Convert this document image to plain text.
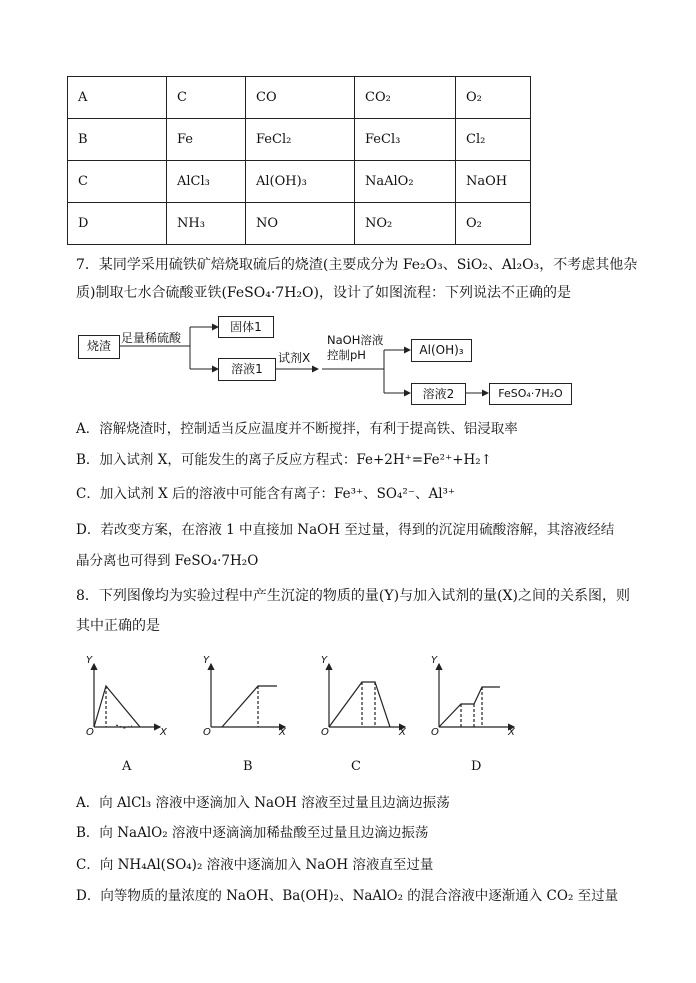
A	C	CO	CO₂	O₂
B	Fe	FeCl₂	FeCl₃	Cl₂
C	AlCl₃	Al(OH)₃	NaAlO₂	NaOH
D	NH₃	NO	NO₂	O₂
7．某同学采用硫铁矿焙烧取硫后的烧渣(主要成分为 Fe₂O₃、SiO₂、Al₂O₃，不考虑其他杂
质)制取七水合硫酸亚铁(FeSO₄·7H₂O)，设计了如图流程：下列说法不正确的是
烧渣
足量稀硫酸
固体1
溶液1
试剂X
NaOH溶液
控制pH	Al(OH)₃
溶液2	FeSO₄·7H₂O
A．溶解烧渣时，控制适当反应温度并不断搅拌，有利于提高铁、铝浸取率
B．加入试剂 X，可能发生的离子反应方程式：Fe+2H⁺=Fe²⁺+H₂↑
C．加入试剂 X 后的溶液中可能含有离子：Fe³⁺、SO₄²⁻、Al³⁺
D．若改变方案，在溶液 1 中直接加 NaOH 至过量，得到的沉淀用硫酸溶解，其溶液经结
晶分离也可得到 FeSO₄·7H₂O
8．下列图像均为实验过程中产生沉淀的物质的量(Y)与加入试剂的量(X)之间的关系图，则
其中正确的是
Y
X
O
Y
X
O
Y
X
O
Y
X
O
A	B	C	D
A．向 AlCl₃ 溶液中逐滴加入 NaOH 溶液至过量且边滴边振荡
B．向 NaAlO₂ 溶液中逐滴滴加稀盐酸至过量且边滴边振荡
C．向 NH₄Al(SO₄)₂ 溶液中逐滴加入 NaOH 溶液直至过量
D．向等物质的量浓度的 NaOH、Ba(OH)₂、NaAlO₂ 的混合溶液中逐渐通入 CO₂ 至过量
